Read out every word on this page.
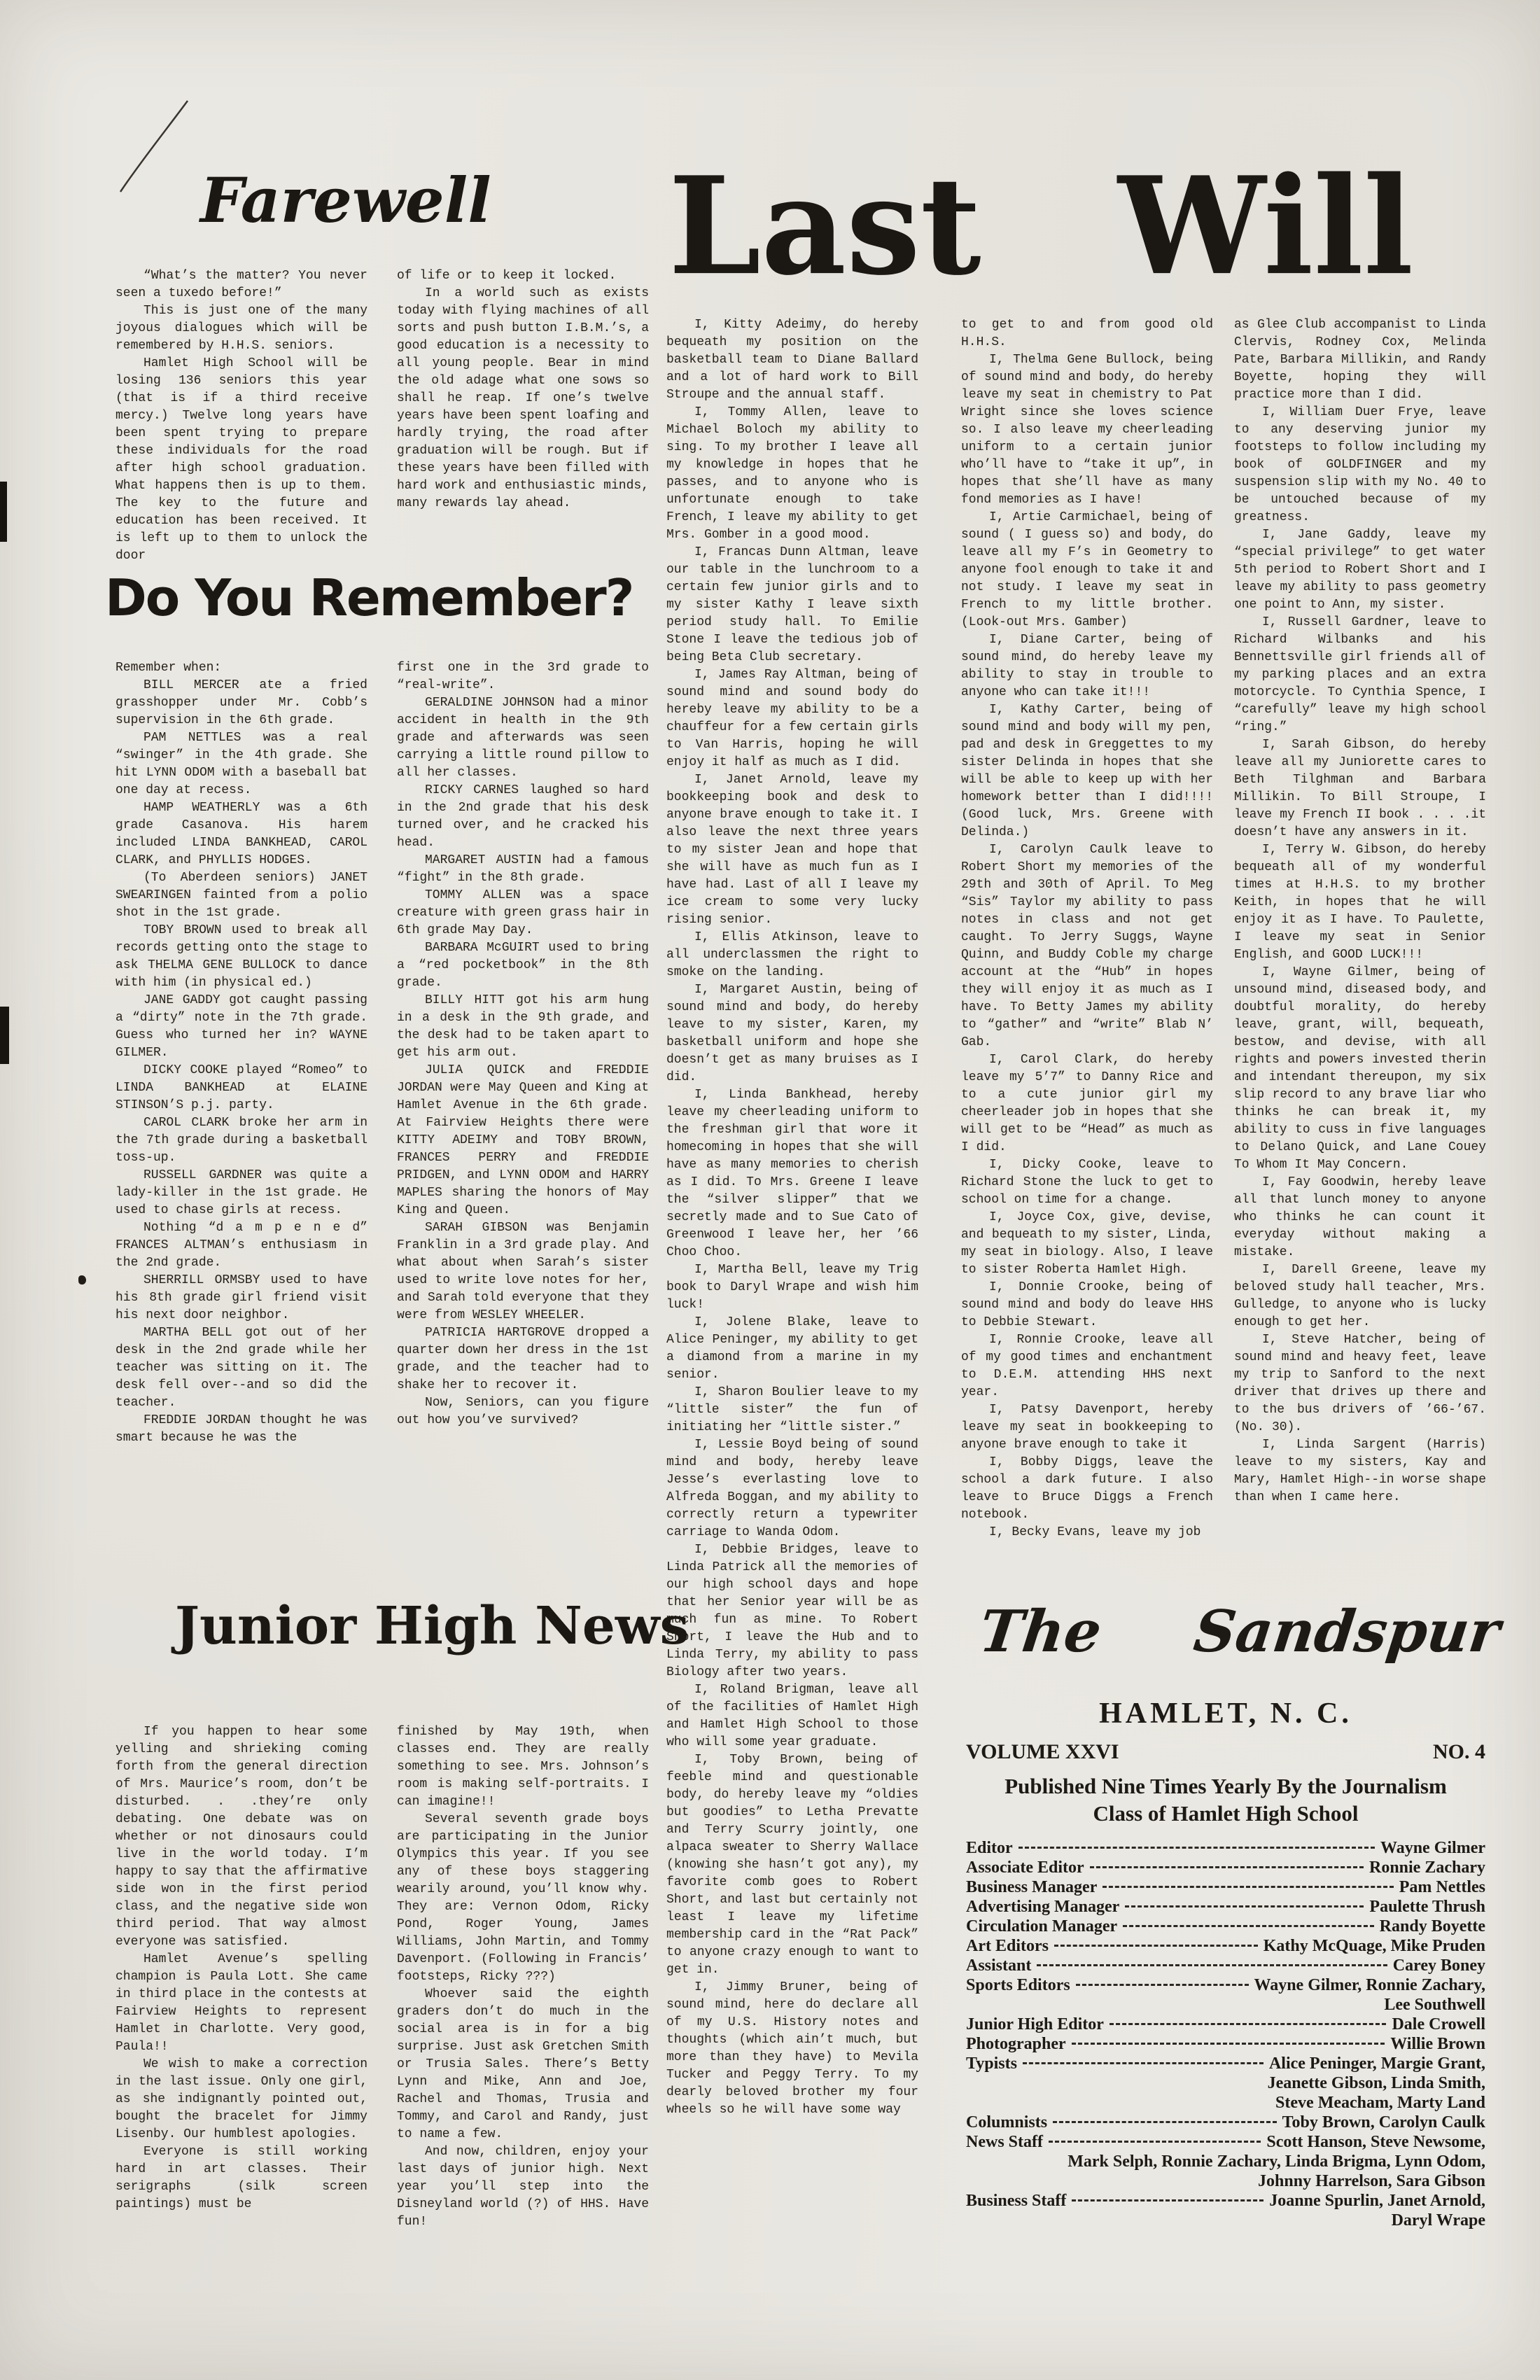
Farewell

“What’s the matter? You never seen a tuxedo before!”

This is just one of the many joyous dialogues which will be remembered by H.H.S. seniors.

Hamlet High School will be losing 136 seniors this year (that is if a third receive mercy.) Twelve long years have been spent trying to prepare these individuals for the road after high school graduation. What happens then is up to them. The key to the future and education has been received. It is left up to them to unlock the door

of life or to keep it locked.

In a world such as exists today with flying machines of all sorts and push button I.B.M.’s, a good education is a necessity to all young people. Bear in mind the old adage what one sows so shall he reap. If one’s twelve years have been spent loafing and hardly trying, the road after graduation will be rough. But if these years have been filled with hard work and enthusiastic minds, many rewards lay ahead.

Last Will

I, Kitty Adeimy, do hereby bequeath my position on the basketball team to Diane Ballard and a lot of hard work to Bill Stroupe and the annual staff.

I, Tommy Allen, leave to Michael Boloch my ability to sing. To my brother I leave all my knowledge in hopes that he passes, and to anyone who is unfortunate enough to take French, I leave my ability to get Mrs. Gomber in a good mood.

I, Francas Dunn Altman, leave our table in the lunchroom to a certain few junior girls and to my sister Kathy I leave sixth period study hall. To Emilie Stone I leave the tedious job of being Beta Club secretary.

I, James Ray Altman, being of sound mind and sound body do hereby leave my ability to be a chauffeur for a few certain girls to Van Harris, hoping he will enjoy it half as much as I did.

I, Janet Arnold, leave my bookkeeping book and desk to anyone brave enough to take it. I also leave the next three years to my sister Jean and hope that she will have as much fun as I have had. Last of all I leave my ice cream to some very lucky rising senior.

I, Ellis Atkinson, leave to all underclassmen the right to smoke on the landing.

I, Margaret Austin, being of sound mind and body, do hereby leave to my sister, Karen, my basketball uniform and hope she doesn’t get as many bruises as I did.

I, Linda Bankhead, hereby leave my cheerleading uniform to the freshman girl that wore it homecoming in hopes that she will have as many memories to cherish as I did. To Mrs. Greene I leave the “silver slipper” that we secretly made and to Sue Cato of Greenwood I leave her, her ’66 Choo Choo.

I, Martha Bell, leave my Trig book to Daryl Wrape and wish him luck!

I, Jolene Blake, leave to Alice Peninger, my ability to get a diamond from a marine in my senior.

I, Sharon Boulier leave to my “little sister” the fun of initiating her “little sister.”

I, Lessie Boyd being of sound mind and body, hereby leave Jesse’s everlasting love to Alfreda Boggan, and my ability to correctly return a typewriter carriage to Wanda Odom.

I, Debbie Bridges, leave to Linda Patrick all the memories of our high school days and hope that her Senior year will be as much fun as mine. To Robert Short, I leave the Hub and to Linda Terry, my ability to pass Biology after two years.

I, Roland Brigman, leave all of the facilities of Hamlet High and Hamlet High School to those who will some year graduate.

I, Toby Brown, being of feeble mind and questionable body, do hereby leave my “oldies but goodies” to Letha Prevatte and Terry Scurry jointly, one alpaca sweater to Sherry Wallace (knowing she hasn’t got any), my favorite comb goes to Robert Short, and last but certainly not least I leave my lifetime membership card in the “Rat Pack” to anyone crazy enough to want to get in.

I, Jimmy Bruner, being of sound mind, here do declare all of my U.S. History notes and thoughts (which ain’t much, but more than they have) to Mevila Tucker and Peggy Terry. To my dearly beloved brother my four wheels so he will have some way

to get to and from good old H.H.S.

I, Thelma Gene Bullock, being of sound mind and body, do hereby leave my seat in chemistry to Pat Wright since she loves science so. I also leave my cheerleading uniform to a certain junior who’ll have to “take it up”, in hopes that she’ll have as many fond memories as I have!

I, Artie Carmichael, being of sound ( I guess so) and body, do leave all my F’s in Geometry to anyone fool enough to take it and not study. I leave my seat in French to my little brother. (Look-out Mrs. Gamber)

I, Diane Carter, being of sound mind, do hereby leave my ability to stay in trouble to anyone who can take it!!!

I, Kathy Carter, being of sound mind and body will my pen, pad and desk in Greggettes to my sister Delinda in hopes that she will be able to keep up with her homework better than I did!!!! (Good luck, Mrs. Greene with Delinda.)

I, Carolyn Caulk leave to Robert Short my memories of the 29th and 30th of April. To Meg “Sis” Taylor my ability to pass notes in class and not get caught. To Jerry Suggs, Wayne Quinn, and Buddy Coble my charge account at the “Hub” in hopes they will enjoy it as much as I have. To Betty James my ability to “gather” and “write” Blab N’ Gab.

I, Carol Clark, do hereby leave my 5’7” to Danny Rice and to a cute junior girl my cheerleader job in hopes that she will get to be “Head” as much as I did.

I, Dicky Cooke, leave to Richard Stone the luck to get to school on time for a change.

I, Joyce Cox, give, devise, and bequeath to my sister, Linda, my seat in biology. Also, I leave to sister Roberta Hamlet High.

I, Donnie Crooke, being of sound mind and body do leave HHS to Debbie Stewart.

I, Ronnie Crooke, leave all of my good times and enchantment to D.E.M. attending HHS next year.

I, Patsy Davenport, hereby leave my seat in bookkeeping to anyone brave enough to take it

I, Bobby Diggs, leave the school a dark future. I also leave to Bruce Diggs a French notebook.

I, Becky Evans, leave my job

as Glee Club accompanist to Linda Clervis, Rodney Cox, Melinda Pate, Barbara Millikin, and Randy Boyette, hoping they will practice more than I did.

I, William Duer Frye, leave to any deserving junior my footsteps to follow including my book of GOLDFINGER and my suspension slip with my No. 40 to be untouched because of my greatness.

I, Jane Gaddy, leave my “special privilege” to get water 5th period to Robert Short and I leave my ability to pass geometry one point to Ann, my sister.

I, Russell Gardner, leave to Richard Wilbanks and his Bennettsville girl friends all of my parking places and an extra motorcycle. To Cynthia Spence, I “carefully” leave my high school “ring.”

I, Sarah Gibson, do hereby leave all my Juniorette cares to Beth Tilghman and Barbara Millikin. To Bill Stroupe, I leave my French II book . . . .it doesn’t have any answers in it.

I, Terry W. Gibson, do hereby bequeath all of my wonderful times at H.H.S. to my brother Keith, in hopes that he will enjoy it as I have. To Paulette, I leave my seat in Senior English, and GOOD LUCK!!!

I, Wayne Gilmer, being of unsound mind, diseased body, and doubtful morality, do hereby leave, grant, will, bequeath, bestow, and devise, with all rights and powers invested therin and intendant thereupon, my six slip record to any brave liar who thinks he can break it, my ability to cuss in five languages to Delano Quick, and Lane Couey To Whom It May Concern.

I, Fay Goodwin, hereby leave all that lunch money to anyone who thinks he can count it everyday without making a mistake.

I, Darell Greene, leave my beloved study hall teacher, Mrs. Gulledge, to anyone who is lucky enough to get her.

I, Steve Hatcher, being of sound mind and heavy feet, leave my trip to Sanford to the next driver that drives up there and to the bus drivers of ’66-’67. (No. 30).

I, Linda Sargent (Harris) leave to my sisters, Kay and Mary, Hamlet High--in worse shape than when I came here.

Do You Remember?

Remember when:

BILL MERCER ate a fried grasshopper under Mr. Cobb’s supervision in the 6th grade.

PAM NETTLES was a real “swinger” in the 4th grade. She hit LYNN ODOM with a baseball bat one day at recess.

HAMP WEATHERLY was a 6th grade Casanova. His harem included LINDA BANKHEAD, CAROL CLARK, and PHYLLIS HODGES.

(To Aberdeen seniors) JANET SWEARINGEN fainted from a polio shot in the 1st grade.

TOBY BROWN used to break all records getting onto the stage to ask THELMA GENE BULLOCK to dance with him (in physical ed.)

JANE GADDY got caught passing a “dirty” note in the 7th grade. Guess who turned her in? WAYNE GILMER.

DICKY COOKE played “Romeo” to LINDA BANKHEAD at ELAINE STINSON’S p.j. party.

CAROL CLARK broke her arm in the 7th grade during a basketball toss-up.

RUSSELL GARDNER was quite a lady-killer in the 1st grade. He used to chase girls at recess.

Nothing “d a m p e n e d” FRANCES ALTMAN’s enthusiasm in the 2nd grade.

SHERRILL ORMSBY used to have his 8th grade girl friend visit his next door neighbor.

MARTHA BELL got out of her desk in the 2nd grade while her teacher was sitting on it. The desk fell over--and so did the teacher.

FREDDIE JORDAN thought he was smart because he was the

first one in the 3rd grade to “real-write”.

GERALDINE JOHNSON had a minor accident in health in the 9th grade and afterwards was seen carrying a little round pillow to all her classes.

RICKY CARNES laughed so hard in the 2nd grade that his desk turned over, and he cracked his head.

MARGARET AUSTIN had a famous “fight” in the 8th grade.

TOMMY ALLEN was a space creature with green grass hair in 6th grade May Day.

BARBARA McGUIRT used to bring a “red pocketbook” in the 8th grade.

BILLY HITT got his arm hung in a desk in the 9th grade, and the desk had to be taken apart to get his arm out.

JULIA QUICK and FREDDIE JORDAN were May Queen and King at Hamlet Avenue in the 6th grade. At Fairview Heights there were KITTY ADEIMY and TOBY BROWN, FRANCES PERRY and FREDDIE PRIDGEN, and LYNN ODOM and HARRY MAPLES sharing the honors of May King and Queen.

SARAH GIBSON was Benjamin Franklin in a 3rd grade play. And what about when Sarah’s sister used to write love notes for her, and Sarah told everyone that they were from WESLEY WHEELER.

PATRICIA HARTGROVE dropped a quarter down her dress in the 1st grade, and the teacher had to shake her to recover it.

Now, Seniors, can you figure out how you’ve survived?

Junior High News

If you happen to hear some yelling and shrieking coming forth from the general direction of Mrs. Maurice’s room, don’t be disturbed. . .they’re only debating. One debate was on whether or not dinosaurs could live in the world today. I’m happy to say that the affirmative side won in the first period class, and the negative side won third period. That way almost everyone was satisfied.

Hamlet Avenue’s spelling champion is Paula Lott. She came in third place in the contests at Fairview Heights to represent Hamlet in Charlotte. Very good, Paula!!

We wish to make a correction in the last issue. Only one girl, as she indignantly pointed out, bought the bracelet for Jimmy Lisenby. Our humblest apologies.

Everyone is still working hard in art classes. Their serigraphs (silk screen paintings) must be

finished by May 19th, when classes end. They are really something to see. Mrs. Johnson’s room is making self-portraits. I can imagine!!

Several seventh grade boys are participating in the Junior Olympics this year. If you see any of these boys staggering wearily around, you’ll know why. They are: Vernon Odom, Ricky Pond, Roger Young, James Williams, John Martin, and Tommy Davenport. (Following in Francis’ footsteps, Ricky ???)

Whoever said the eighth graders don’t do much in the social area is in for a big surprise. Just ask Gretchen Smith or Trusia Sales. There’s Betty Lynn and Mike, Ann and Joe, Rachel and Thomas, Trusia and Tommy, and Carol and Randy, just to name a few.

And now, children, enjoy your last days of junior high. Next year you’ll step into the Disneyland world (?) of HHS. Have fun!

The Sandspur
HAMLET, N. C.
VOLUME XXVI	NO. 4
Published Nine Times Yearly By the Journalism
Class of Hamlet High School
Editor	Wayne Gilmer
Associate Editor	Ronnie Zachary
Business Manager	Pam Nettles
Advertising Manager	Paulette Thrush
Circulation Manager	Randy Boyette
Art Editors	Kathy McQuage, Mike Pruden
Assistant	Carey Boney
Sports Editors	Wayne Gilmer, Ronnie Zachary,
Lee Southwell
Junior High Editor	Dale Crowell
Photographer	Willie Brown
Typists	Alice Peninger, Margie Grant,
Jeanette Gibson, Linda Smith,
Steve Meacham, Marty Land
Columnists	Toby Brown, Carolyn Caulk
News Staff	Scott Hanson, Steve Newsome,
Mark Selph, Ronnie Zachary, Linda Brigma, Lynn Odom,
Johnny Harrelson, Sara Gibson
Business Staff	Joanne Spurlin, Janet Arnold,
Daryl Wrape
